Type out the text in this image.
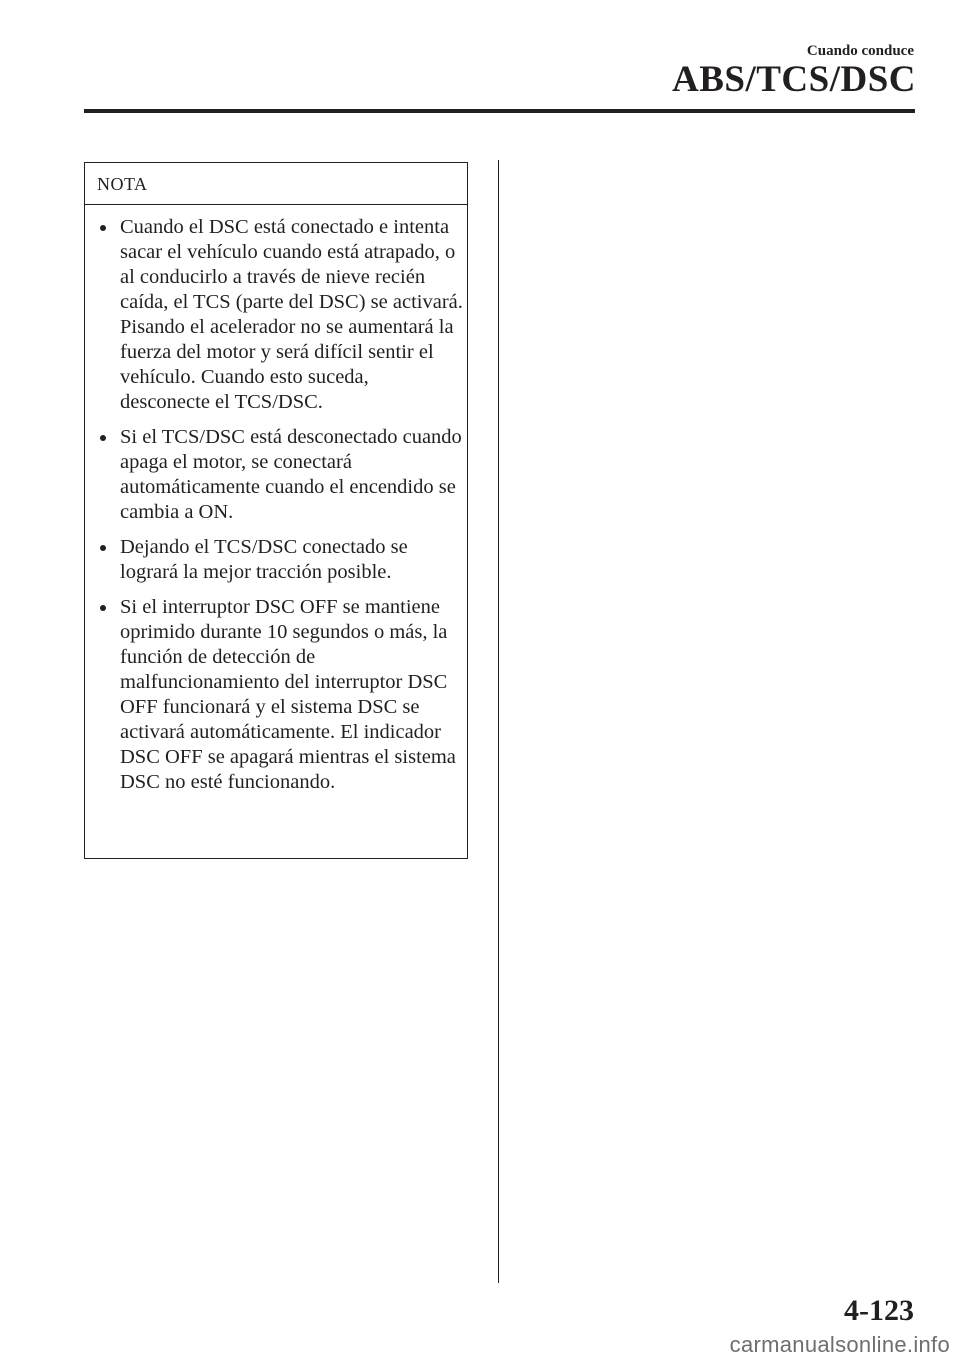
Cuando conduce
ABS/TCS/DSC
NOTA
Cuando el DSC está conectado e intenta sacar el vehículo cuando está atrapado, o al conducirlo a través de nieve recién caída, el TCS (parte del DSC) se activará. Pisando el acelerador no se aumentará la fuerza del motor y será difícil sentir el vehículo. Cuando esto suceda, desconecte el TCS/DSC.
Si el TCS/DSC está desconectado cuando apaga el motor, se conectará automáticamente cuando el encendido se cambia a ON.
Dejando el TCS/DSC conectado se logrará la mejor tracción posible.
Si el interruptor DSC OFF se mantiene oprimido durante 10 segundos o más, la función de detección de malfuncionamiento del interruptor DSC OFF funcionará y el sistema DSC se activará automáticamente. El indicador DSC OFF se apagará mientras el sistema DSC no esté funcionando.
4-123
carmanualsonline.info
